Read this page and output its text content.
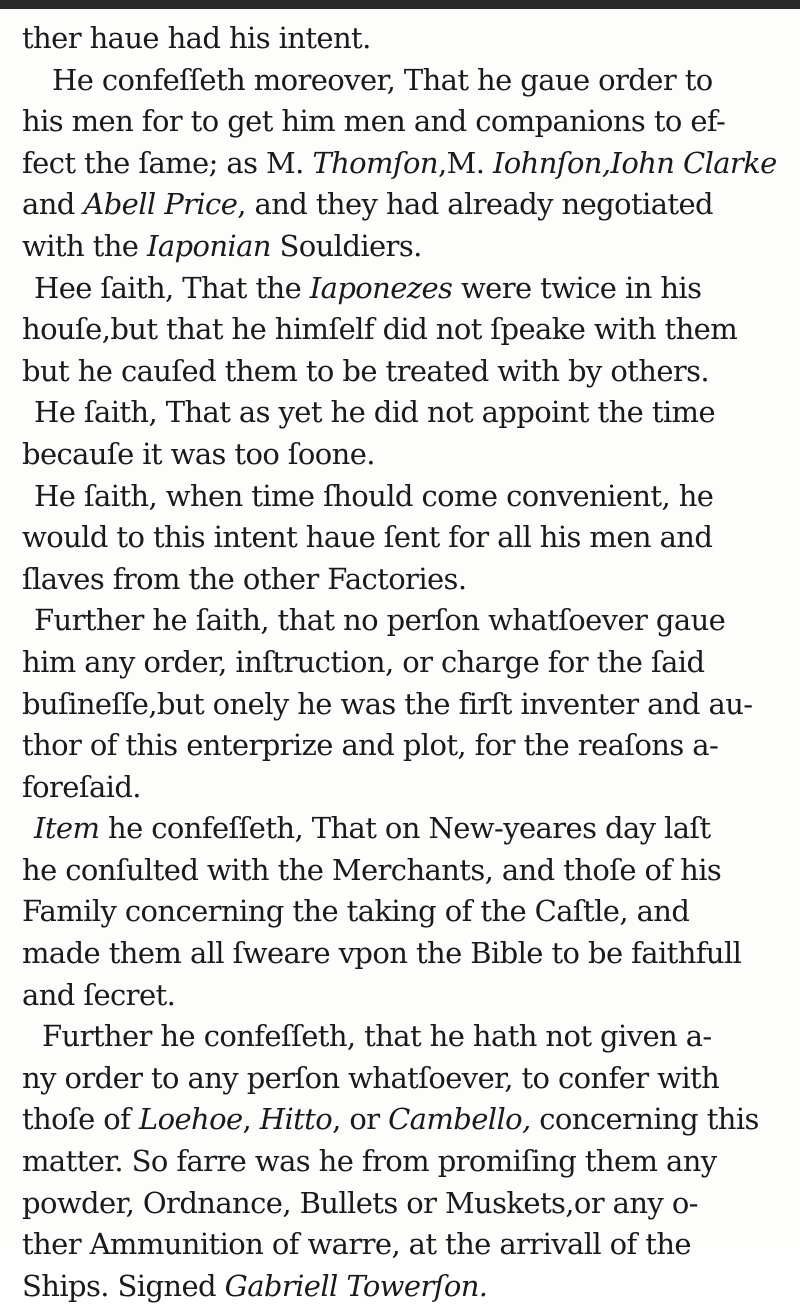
ther haue had his intent.
He confeſſeth moreover, That he gaue order to
his men for to get him men and companions to ef-
fect the ſame; as M. Thomſon,M. Iohnſon,Iohn Clarke
and Abell Price, and they had already negotiated
with the Iaponian Souldiers.
Hee ſaith, That the Iaponezes were twice in his
houſe,but that he himſelf did not ſpeake with them
but he cauſed them to be treated with by others.
He ſaith, That as yet he did not appoint the time
becauſe it was too ſoone.
He ſaith, when time ſhould come convenient, he
would to this intent haue ſent for all his men and
ſlaves from the other Factories.
Further he ſaith, that no perſon whatſoever gaue
him any order, inſtruction, or charge for the ſaid
buſineſſe,but onely he was the firſt inventer and au-
thor of this enterprize and plot, for the reaſons a-
foreſaid.
Item he confeſſeth, That on New-yeares day laſt
he conſulted with the Merchants, and thoſe of his
Family concerning the taking of the Caſtle, and
made them all ſweare vpon the Bible to be faithfull
and ſecret.
Further he confeſſeth, that he hath not given a-
ny order to any perſon whatſoever, to confer with
thoſe of Loehoe, Hitto, or Cambello, concerning this
matter. So farre was he from promiſing them any
powder, Ordnance, Bullets or Muskets,or any o-
ther Ammunition of warre, at the arrivall of the
Ships. Signed Gabriell Towerſon.
